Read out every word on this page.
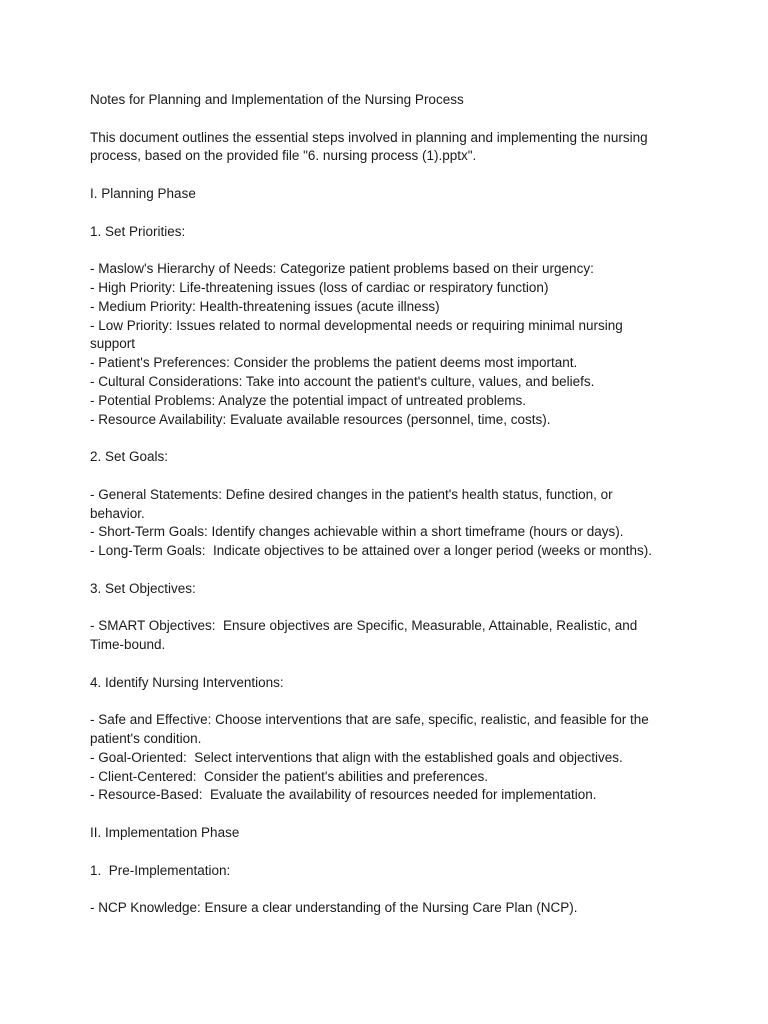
Notes for Planning and Implementation of the Nursing Process
This document outlines the essential steps involved in planning and implementing the nursing
process, based on the provided file "6. nursing process (1).pptx".
I. Planning Phase
1. Set Priorities:
- Maslow's Hierarchy of Needs: Categorize patient problems based on their urgency:
- High Priority: Life-threatening issues (loss of cardiac or respiratory function)
- Medium Priority: Health-threatening issues (acute illness)
- Low Priority: Issues related to normal developmental needs or requiring minimal nursing
support
- Patient's Preferences: Consider the problems the patient deems most important.
- Cultural Considerations: Take into account the patient's culture, values, and beliefs.
- Potential Problems: Analyze the potential impact of untreated problems.
- Resource Availability: Evaluate available resources (personnel, time, costs).
2. Set Goals:
- General Statements: Define desired changes in the patient's health status, function, or
behavior.
- Short-Term Goals: Identify changes achievable within a short timeframe (hours or days).
- Long-Term Goals:  Indicate objectives to be attained over a longer period (weeks or months).
3. Set Objectives:
- SMART Objectives:  Ensure objectives are Specific, Measurable, Attainable, Realistic, and
Time-bound.
4. Identify Nursing Interventions:
- Safe and Effective: Choose interventions that are safe, specific, realistic, and feasible for the
patient's condition.
- Goal-Oriented:  Select interventions that align with the established goals and objectives.
- Client-Centered:  Consider the patient's abilities and preferences.
- Resource-Based:  Evaluate the availability of resources needed for implementation.
II. Implementation Phase
1.  Pre-Implementation:
- NCP Knowledge: Ensure a clear understanding of the Nursing Care Plan (NCP).
